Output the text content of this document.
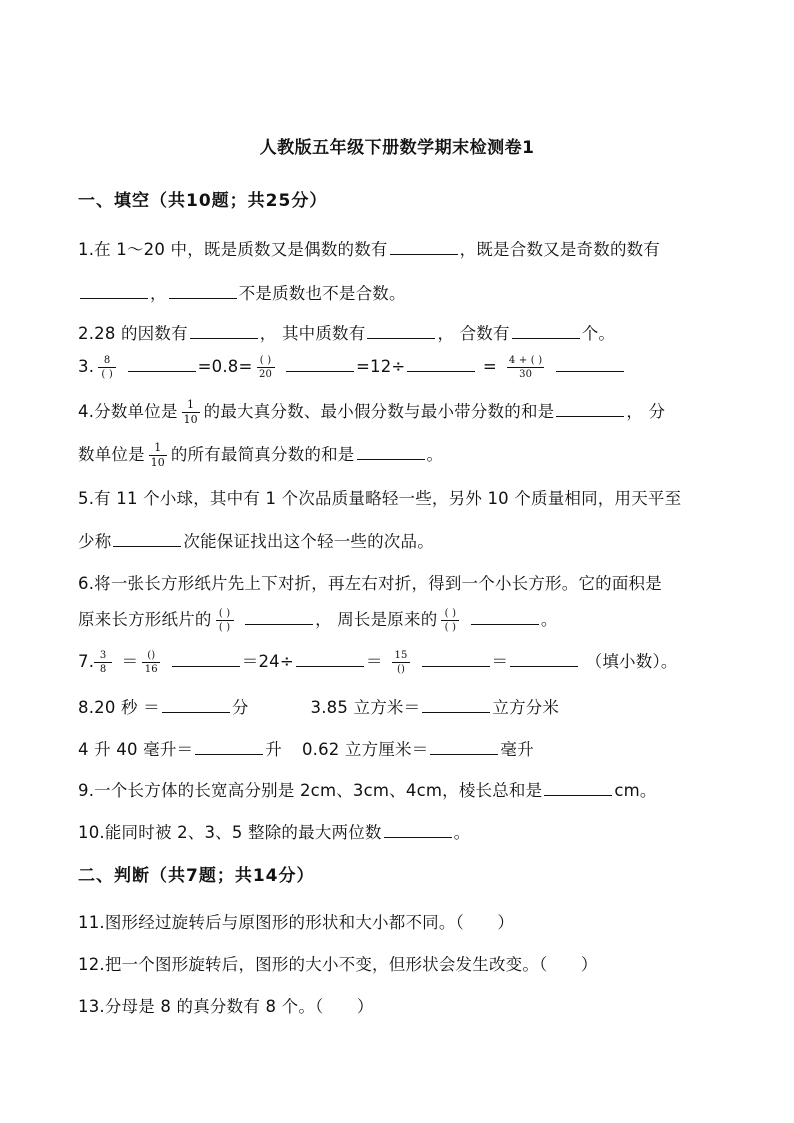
人教版五年级下册数学期末检测卷1
一、填空（共10题；共25分）
1.在 1～20 中，既是质数又是偶数的数有	，既是合数又是奇数的数有
，	不是质数也不是合数。
2.28 的因数有	， 其中质数有	， 合数有	个。
3. $\frac{8}{( )}$	$=0.8= \frac{( )}{20}$	=12÷	= $\frac{4 + ( )}{30}$

4.分数单位是 $\frac{1}{10}$ 的最大真分数、最小假分数与最小带分数的和是	， 分
数单位是 $\frac{1}{10}$ 的所有最简真分数的和是	。
5.有 11 个小球，其中有 1 个次品质量略轻一些，另外 10 个质量相同，用天平至
少称	次能保证找出这个轻一些的次品。
6.将一张长方形纸片先上下对折，再左右对折，得到一个小长方形。它的面积是
原来长方形纸片的 $\frac{( )}{( )}$	， 周长是原来的 $\frac{( )}{( )}$	。
7. $\frac{3}{8} = \frac{()}{16}$	＝24÷	＝ $\frac{15}{()}$	＝	（填小数）。
8.20 秒 ＝	分	3.85 立方米＝	立方分米
4 升 40 毫升＝	升 0.62 立方厘米＝	毫升
9.一个长方体的长宽高分别是 2cm、3cm、4cm，棱长总和是	cm。
10.能同时被 2、3、5 整除的最大两位数	。
二、判断（共7题；共14分）
11.图形经过旋转后与原图形的形状和大小都不同。（　　）
12.把一个图形旋转后，图形的大小不变，但形状会发生改变。（　　）
13.分母是 8 的真分数有 8 个。（　　）
